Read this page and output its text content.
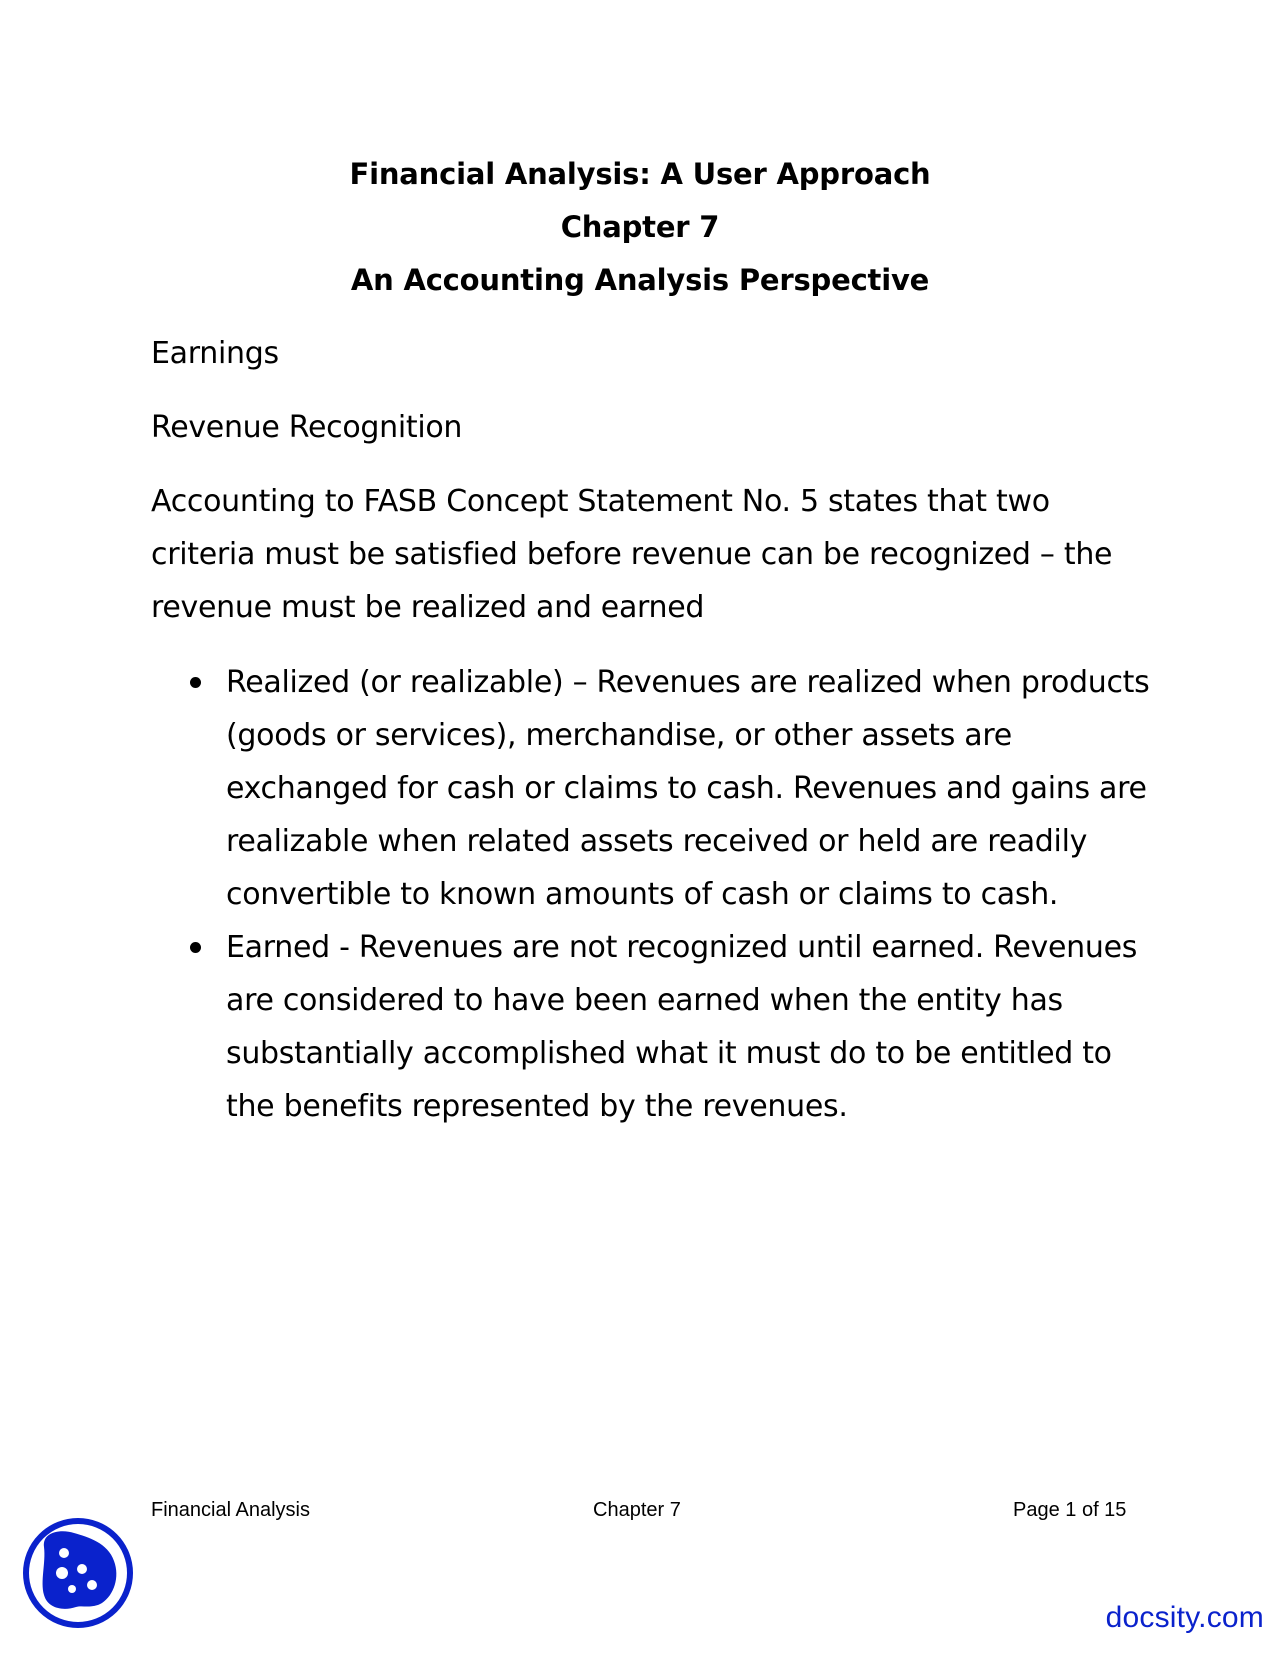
Financial Analysis: A User Approach
Chapter 7
An Accounting Analysis Perspective
Earnings
Revenue Recognition
Accounting to FASB Concept Statement No. 5 states that two criteria must be satisfied before revenue can be recognized – the revenue must be realized and earned
Realized (or realizable) – Revenues are realized when products (goods or services), merchandise, or other assets are exchanged for cash or claims to cash. Revenues and gains are realizable when related assets received or held are readily convertible to known amounts of cash or claims to cash.
Earned - Revenues are not recognized until earned. Revenues are considered to have been earned when the entity has substantially accomplished what it must do to be entitled to the benefits represented by the revenues.
Financial Analysis	Chapter 7	Page 1 of 15
docsity.com
